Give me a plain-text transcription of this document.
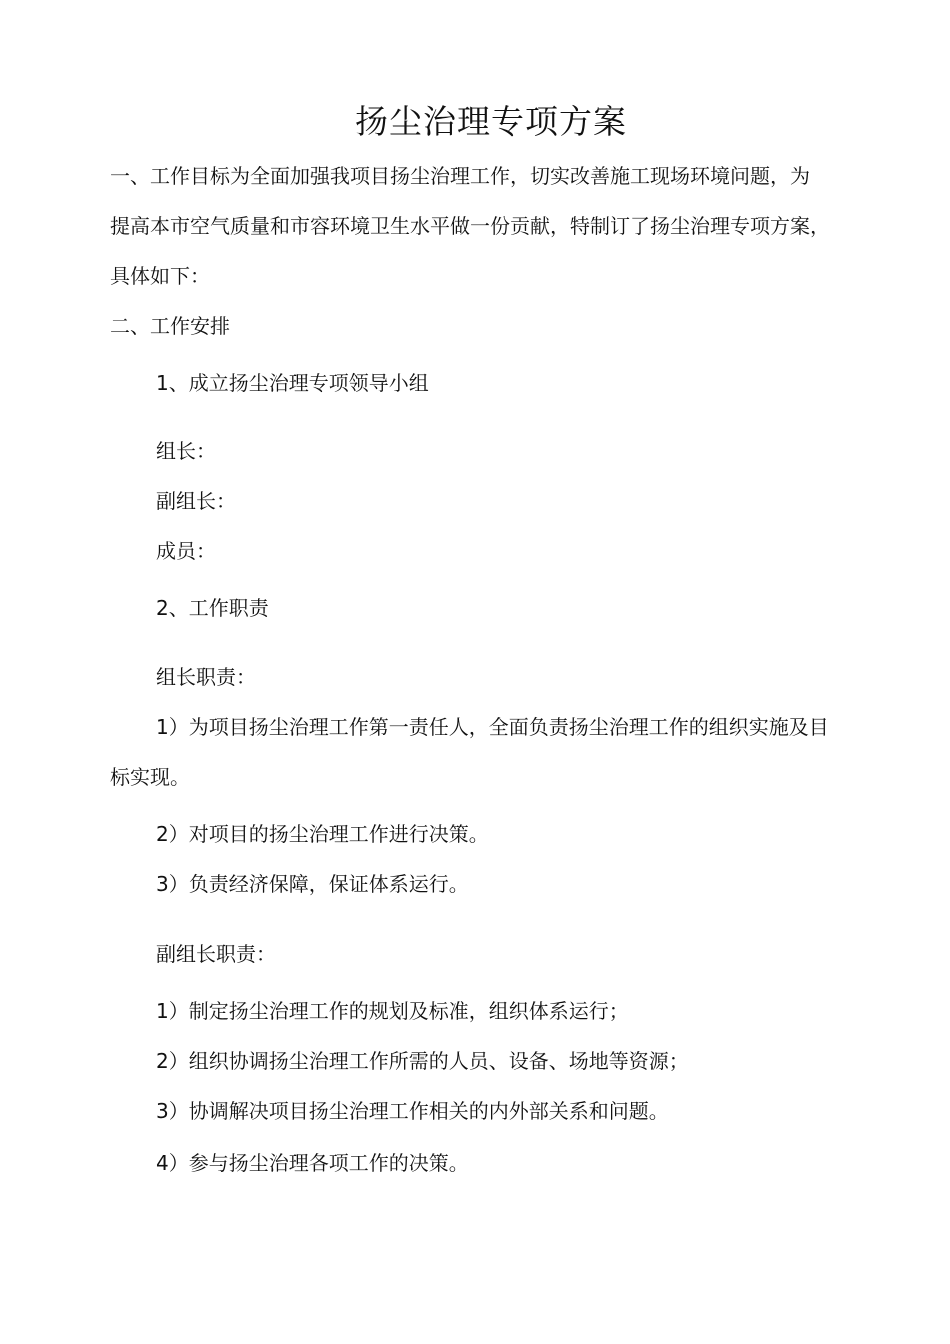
扬尘治理专项方案
一、工作目标为全面加强我项目扬尘治理工作，切实改善施工现场环境问题，为
提高本市空气质量和市容环境卫生水平做一份贡献，特制订了扬尘治理专项方案，
具体如下：
二、工作安排
1、成立扬尘治理专项领导小组
组长：
副组长：
成员：
2、工作职责
组长职责：
1）为项目扬尘治理工作第一责任人，全面负责扬尘治理工作的组织实施及目
标实现。
2）对项目的扬尘治理工作进行决策。
3）负责经济保障，保证体系运行。
副组长职责：
1）制定扬尘治理工作的规划及标准，组织体系运行；
2）组织协调扬尘治理工作所需的人员、设备、场地等资源；
3）协调解决项目扬尘治理工作相关的内外部关系和问题。
4）参与扬尘治理各项工作的决策。
